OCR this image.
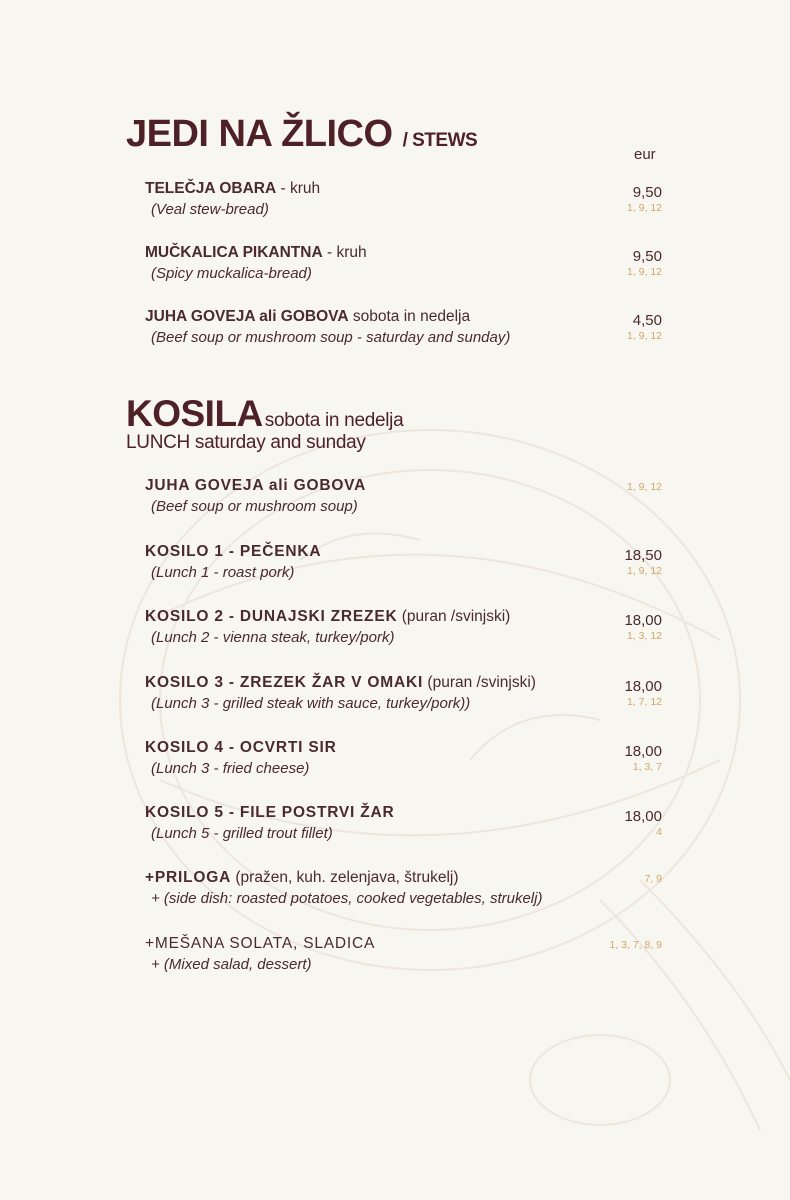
JEDI NA ŽLICO / STEWS
eur
TELEČJA OBARA - kruh
(Veal stew-bread)
9,50
1, 9, 12
MUČKALICA PIKANTNA - kruh
(Spicy muckalica-bread)
9,50
1, 9, 12
JUHA GOVEJA ali GOBOVA sobota in nedelja
(Beef soup or mushroom soup - saturday and sunday)
4,50
1, 9, 12
KOSILA sobota in nedelja
LUNCH saturday and sunday
JUHA GOVEJA ali GOBOVA
(Beef soup or mushroom soup)
1, 9, 12
KOSILO 1 - PEČENKA
(Lunch 1 - roast pork)
18,50
1, 9, 12
KOSILO 2 - DUNAJSKI ZREZEK (puran /svinjski)
(Lunch 2 - vienna steak, turkey/pork)
18,00
1, 3, 12
KOSILO 3 - ZREZEK ŽAR V OMAKI (puran /svinjski)
(Lunch 3 - grilled steak with sauce, turkey/pork))
18,00
1, 7, 12
KOSILO 4 - OCVRTI SIR
(Lunch 3 - fried cheese)
18,00
1, 3, 7
KOSILO 5 - FILE POSTRVI ŽAR
(Lunch 5 - grilled trout fillet)
18,00
4
+PRILOGA (pražen, kuh. zelenjava, štrukelj)
+ (side dish: roasted potatoes, cooked vegetables, strukelj)
7, 9
+MEŠANA SOLATA, SLADICA
+ (Mixed salad, dessert)
1, 3, 7, 8, 9
